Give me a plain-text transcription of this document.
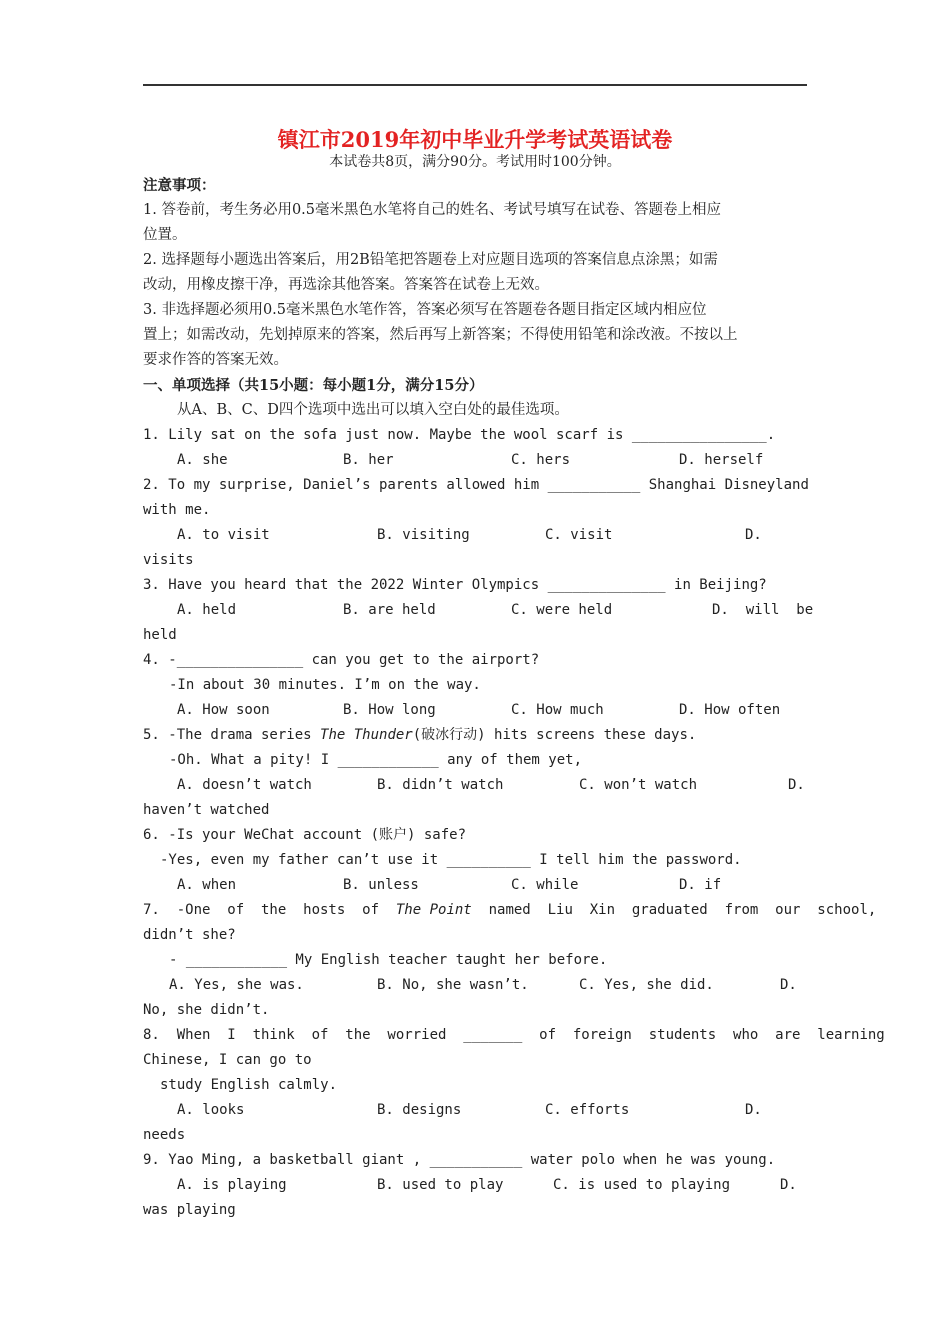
镇江市2019年初中毕业升学考试英语试卷
本试卷共8页，满分90分。考试用时100分钟。
注意事项：
1. 答卷前，考生务必用0.5毫米黑色水笔将自己的姓名、考试号填写在试卷、答题卷上相应
位置。
2. 选择题每小题选出答案后，用2B铅笔把答题卷上对应题目选项的答案信息点涂黑；如需
改动，用橡皮擦干净，再选涂其他答案。答案答在试卷上无效。
3. 非选择题必须用0.5毫米黑色水笔作答，答案必须写在答题卷各题目指定区域内相应位
置上；如需改动，先划掉原来的答案，然后再写上新答案；不得使用铅笔和涂改液。不按以上
要求作答的答案无效。
一、单项选择（共15小题：每小题1分，满分15分）
从A、B、C、D四个选项中选出可以填入空白处的最佳选项。
1. Lily sat on the sofa just now. Maybe the wool scarf is ________________.

A. she

	B. her

	C. hers

	D. herself

2. To my surprise, Daniel’s parents allowed him ___________ Shanghai Disneyland
with me.

A. to visit

	B. visiting

	C. visit

	D.

visits
3. Have you heard that the 2022 Winter Olympics ______________ in Beijing?

A. held

	B. are held

	C. were held

	D.  will  be

held
4. -_______________ can you get to the airport?
-In about 30 minutes. I’m on the way.

A. How soon

	B. How long

	C. How much

	D. How often

5. -The drama series The Thunder(破冰行动) hits screens these days.
-Oh. What a pity! I ____________ any of them yet,

A. doesn’t watch

	B. didn’t watch

	C. won’t watch

	D.

haven’t watched
6. -Is your WeChat account (账户) safe?
-Yes, even my father can’t use it __________ I tell him the password.

A. when

	B. unless

	C. while

	D. if

7.  -One  of  the  hosts  of  The Point  named  Liu  Xin  graduated  from  our  school,
didn’t she?
- ____________ My English teacher taught her before.

A. Yes, she was.

	B. No, she wasn’t.

	C. Yes, she did.

	D.

No, she didn’t.
8.  When  I  think  of  the  worried  _______  of  foreign  students  who  are  learning
Chinese, I can go to
study English calmly.

A. looks

	B. designs

	C. efforts

	D.

needs
9. Yao Ming, a basketball giant , ___________ water polo when he was young.

A. is playing

	B. used to play

	C. is used to playing

	D.

was playing
